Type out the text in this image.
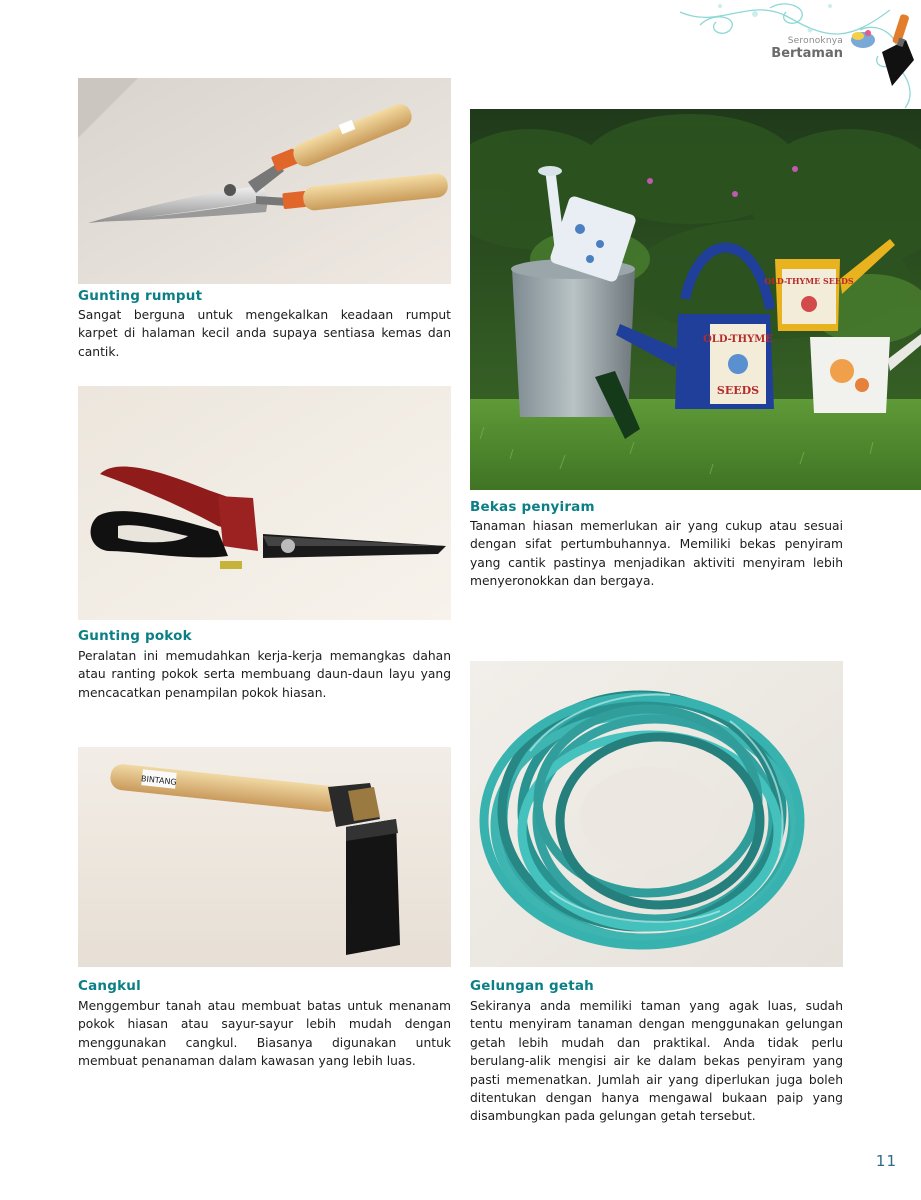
Seronoknya
Bertaman
Gunting rumput
Sangat berguna untuk mengekalkan keadaan rumput karpet di halaman kecil anda supaya sentiasa kemas dan cantik.
OLD-THYME
SEEDS
OLD-THYME SEEDS
Bekas penyiram
Tanaman hiasan memerlukan air yang cukup atau sesuai dengan sifat pertumbuhannya. Memiliki bekas penyiram yang cantik pastinya menjadikan aktiviti menyiram lebih menyeronokkan dan bergaya.
Gunting pokok
Peralatan ini memudahkan kerja-kerja memangkas dahan atau ranting pokok serta membuang daun-daun layu yang mencacatkan penampilan pokok hiasan.
BINTANG
Cangkul
Menggembur tanah atau membuat batas untuk menanam pokok hiasan atau sayur-sayur lebih mudah dengan menggunakan cangkul. Biasanya digunakan untuk membuat penanaman dalam kawasan yang lebih luas.
Gelungan getah
Sekiranya anda memiliki taman yang agak luas, sudah tentu menyiram tanaman dengan menggunakan gelungan getah lebih mudah dan praktikal. Anda tidak perlu berulang-alik mengisi air ke dalam bekas penyiram yang pasti memenatkan. Jumlah air yang diperlukan juga boleh ditentukan dengan hanya mengawal bukaan paip yang disambungkan pada gelungan getah tersebut.
11
